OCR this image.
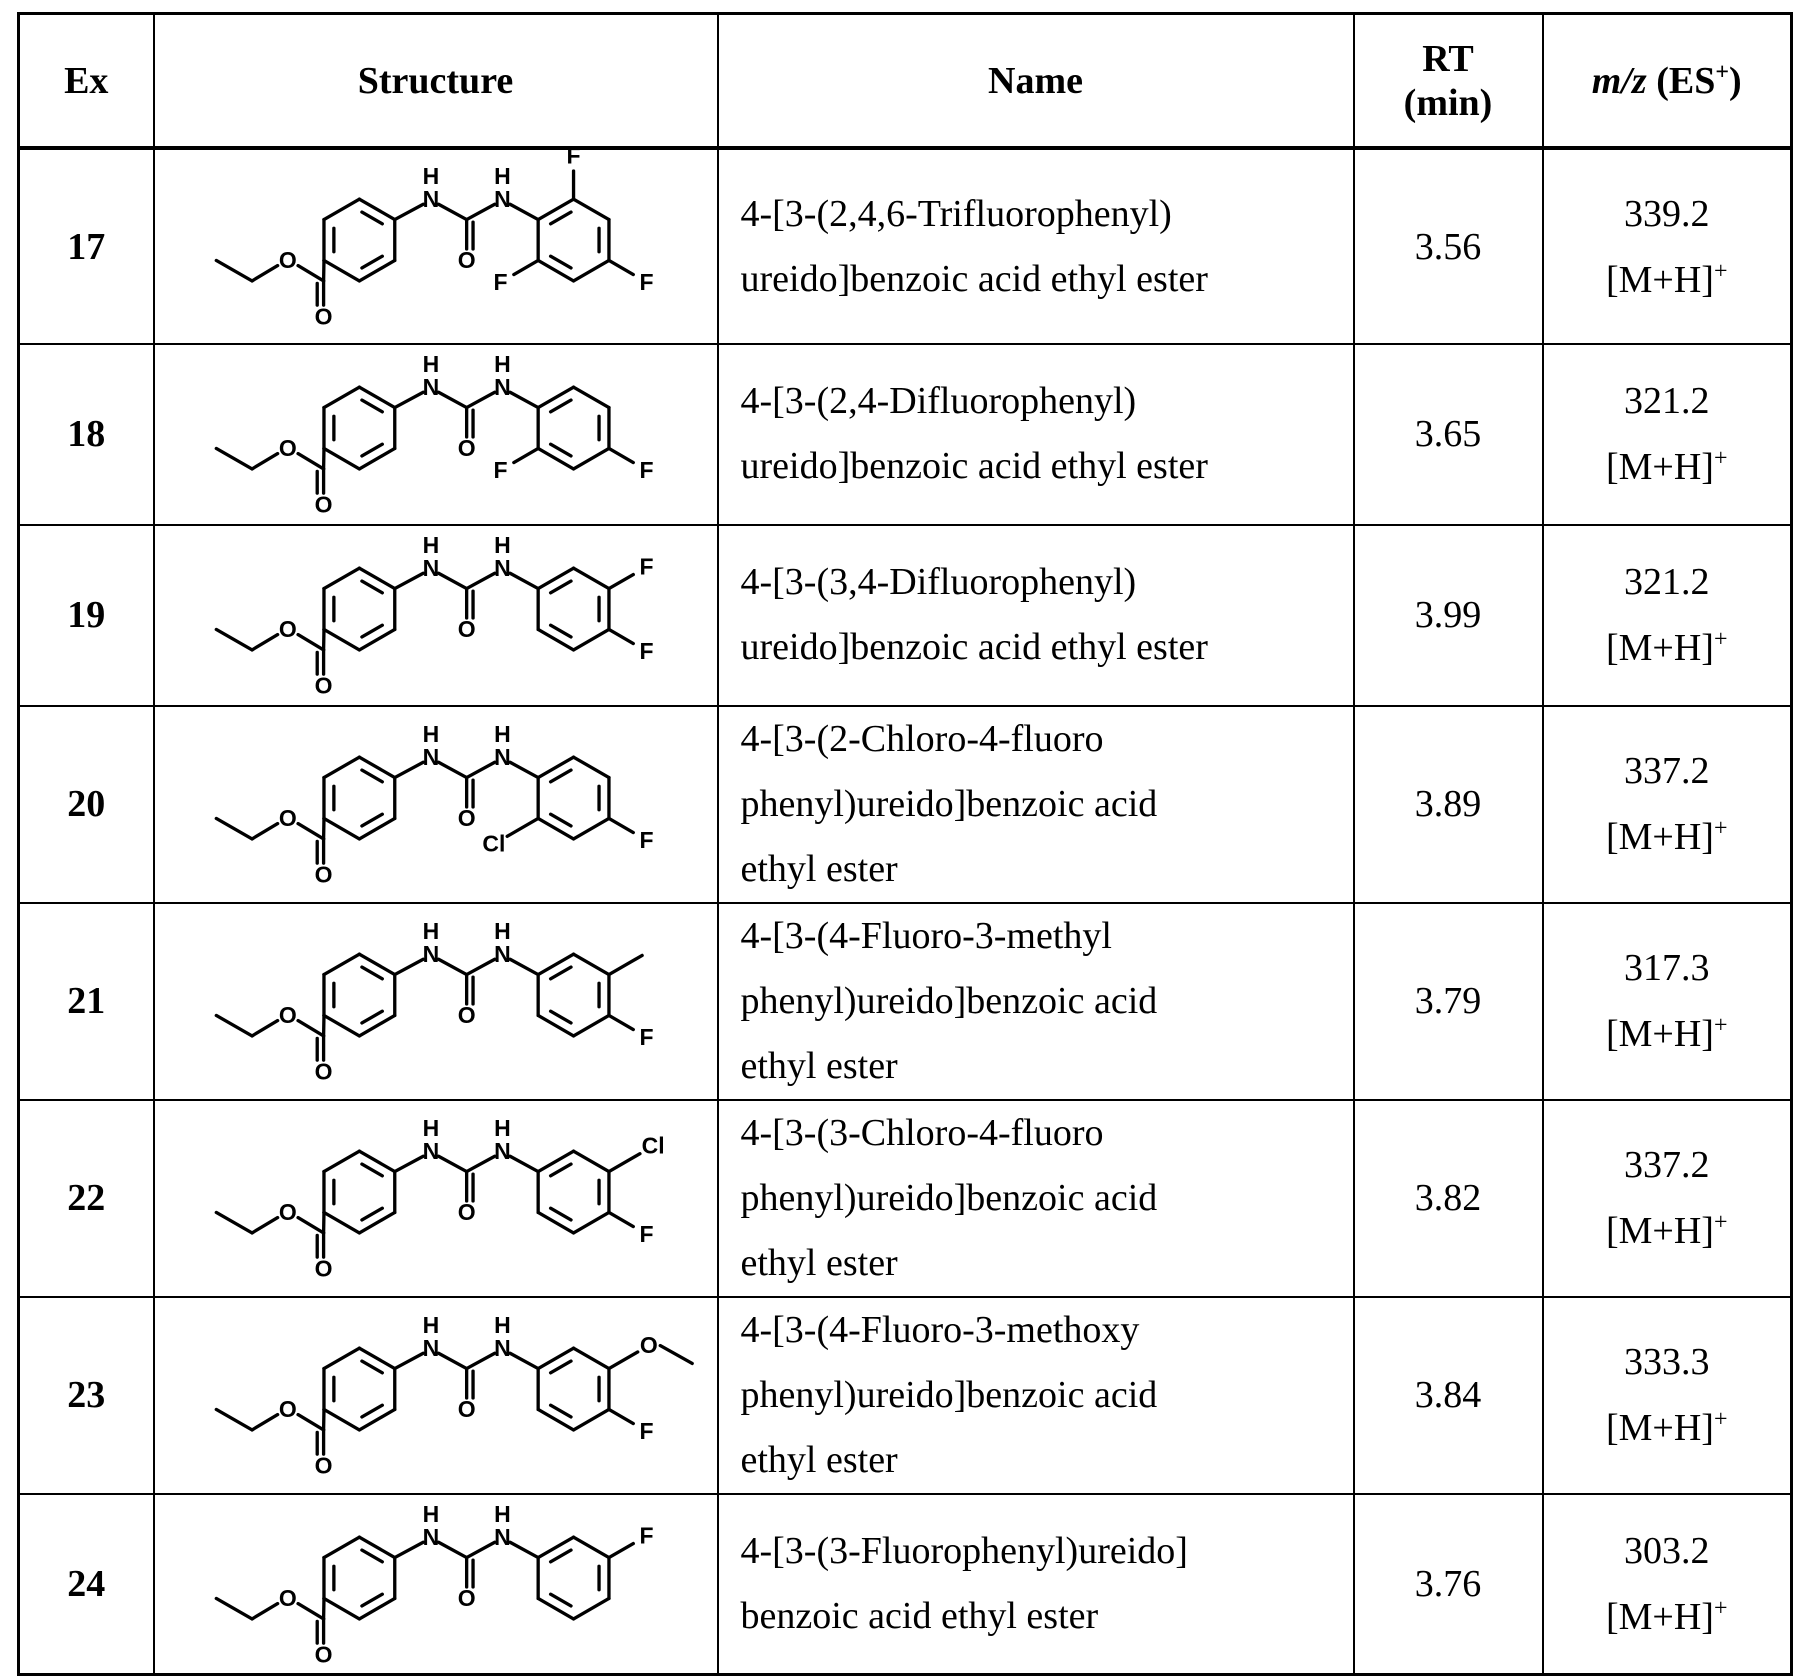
Ex	Structure	Name	RT
(min)	m/z (ES+)
17	
O
O
N
H
O
N
H
F
F
F
	4-[3-(2,4,6-Trifluorophenyl)
ureido]benzoic acid ethyl ester	3.56	339.2
[M+H]+
18	
O
O
N
H
O
N
H
F
F
	4-[3-(2,4-Difluorophenyl)
ureido]benzoic acid ethyl ester	3.65	321.2
[M+H]+
19	
O
O
N
H
O
N
H
F
F
	4-[3-(3,4-Difluorophenyl)
ureido]benzoic acid ethyl ester	3.99	321.2
[M+H]+
20	
O
O
N
H
O
N
H
Cl	F
	4-[3-(2-Chloro-4-fluoro
phenyl)ureido]benzoic acid
ethyl ester	3.89	337.2
[M+H]+
21	
O
O
N
H
O
N
H
F
	4-[3-(4-Fluoro-3-methyl
phenyl)ureido]benzoic acid
ethyl ester	3.79	317.3
[M+H]+
22	
O
O
N
H
O
N
H
Cl
F
	4-[3-(3-Chloro-4-fluoro
phenyl)ureido]benzoic acid
ethyl ester	3.82	337.2
[M+H]+
23	
O
O
N
H
O
N
H
O
F
	4-[3-(4-Fluoro-3-methoxy
phenyl)ureido]benzoic acid
ethyl ester	3.84	333.3
[M+H]+
24	
O
O
N
H
O
N
H
F	4-[3-(3-Fluorophenyl)ureido]
benzoic acid ethyl ester	3.76	303.2
[M+H]+
